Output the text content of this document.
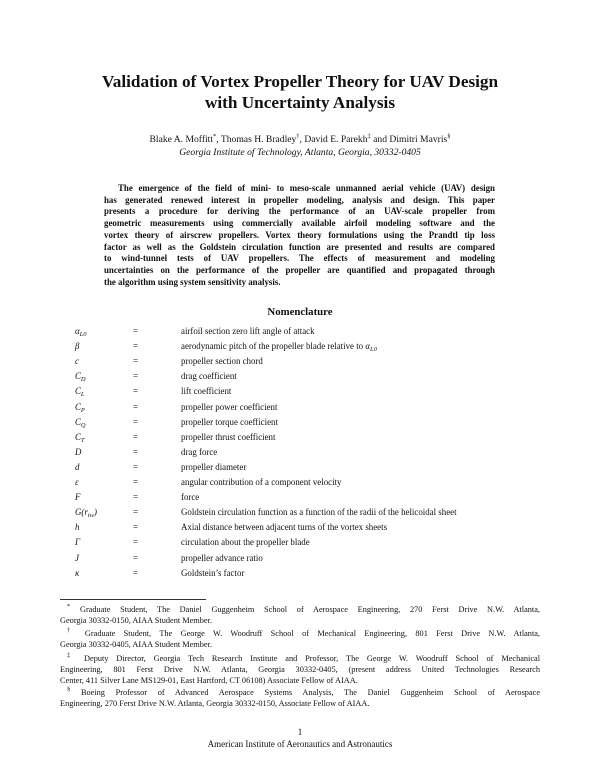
Validation of Vortex Propeller Theory for UAV Design
with Uncertainty Analysis
Blake A. Moffitt*, Thomas H. Bradley†, David E. Parekh‡ and Dimitri Mavris§
Georgia Institute of Technology, Atlanta, Georgia, 30332-0405
The emergence of the field of mini- to meso-scale unmanned aerial vehicle (UAV) design
has generated renewed interest in propeller modeling, analysis and design. This paper
presents a procedure for deriving the performance of an UAV-scale propeller from
geometric measurements using commercially available airfoil modeling software and the
vortex theory of airscrew propellers. Vortex theory formulations using the Prandtl tip loss
factor as well as the Goldstein circulation function are presented and results are compared
to wind-tunnel tests of UAV propellers. The effects of measurement and modeling
uncertainties on the performance of the propeller are quantified and propagated through
the algorithm using system sensitivity analysis.
Nomenclature
$\alpha_{L0}$	=	airfoil section zero lift angle of attack
β	=	aerodynamic pitch of the propeller blade relative to $\alpha_{L0}$
c	=	propeller section chord
$C_D$	=	drag coefficient
$C_L$	=	lift coefficient
$C_P$	=	propeller power coefficient
$C_Q$	=	propeller torque coefficient
$C_T$	=	propeller thrust coefficient
D	=	drag force
d	=	propeller diameter
ε	=	angular contribution of a component velocity
F	=	force
$G(r_{tw})$	=	Goldstein circulation function as a function of the radii of the helicoidal sheet
h	=	Axial distance between adjacent turns of the vortex sheets
Γ	=	circulation about the propeller blade
J	=	propeller advance ratio
κ	=	Goldstein’s factor
* Graduate Student, The Daniel Guggenheim School of Aerospace Engineering, 270 Ferst Drive N.W. Atlanta,
Georgia 30332-0150, AIAA Student Member.
† Graduate Student, The George W. Woodruff School of Mechanical Engineering, 801 Ferst Drive N.W. Atlanta,
Georgia 30332-0405, AIAA Student Member.
‡ Deputy Director, Georgia Tech Research Institute and Professor, The George W. Woodruff School of Mechanical
Engineering, 801 Ferst Drive N.W. Atlanta, Georgia 30332-0405, (present address United Technologies Research
Center, 411 Silver Lane MS129-01, East Hartford, CT 06108) Associate Fellow of AIAA.
§ Boeing Professor of Advanced Aerospace Systems Analysis, The Daniel Guggenheim School of Aerospace
Engineering, 270 Ferst Drive N.W. Atlanta, Georgia 30332-0150, Associate Fellow of AIAA.
1
American Institute of Aeronautics and Astronautics
